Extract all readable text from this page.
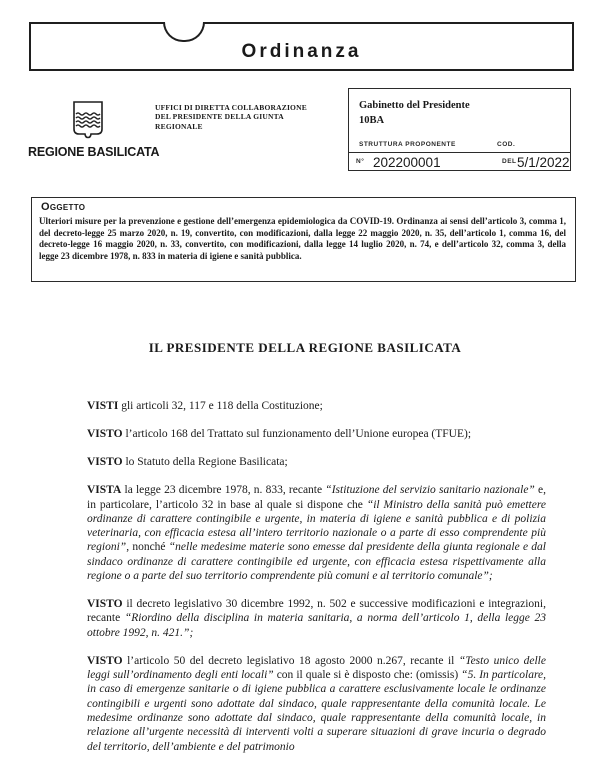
Ordinanza
REGIONE BASILICATA
UFFICI DI DIRETTA COLLABORAZIONE
DEL PRESIDENTE DELLA GIUNTA
REGIONALE
Gabinetto del Presidente
10BA
STRUTTURA PROPONENTE	COD.
N° 202200001	DEL 5/1/2022
Oggetto
Ulteriori misure per la prevenzione e gestione dell’emergenza epidemiologica da COVID-19. Ordinanza ai sensi dell’articolo 3, comma 1, del decreto-legge 25 marzo 2020, n. 19, convertito, con modificazioni, dalla legge 22 maggio 2020, n. 35, dell’articolo 1, comma 16, del decreto-legge 16 maggio 2020, n. 33, convertito, con modificazioni, dalla legge 14 luglio 2020, n. 74, e dell’articolo 32, comma 3, della legge 23 dicembre 1978, n. 833 in materia di igiene e sanità pubblica.
IL PRESIDENTE DELLA REGIONE BASILICATA

VISTI gli articoli 32, 117 e 118 della Costituzione;

VISTO l’articolo 168 del Trattato sul funzionamento dell’Unione europea (TFUE);

VISTO lo Statuto della Regione Basilicata;

VISTA la legge 23 dicembre 1978, n. 833, recante “Istituzione del servizio sanitario nazionale” e, in particolare, l’articolo 32 in base al quale si dispone che “il Ministro della sanità può emettere ordinanze di carattere contingibile e urgente, in materia di igiene e sanità pubblica e di polizia veterinaria, con efficacia estesa all’intero territorio nazionale o a parte di esso comprendente più regioni”, nonché “nelle medesime materie sono emesse dal presidente della giunta regionale e dal sindaco ordinanze di carattere contingibile ed urgente, con efficacia estesa rispettivamente alla regione o a parte del suo territorio comprendente più comuni e al territorio comunale”;

VISTO il decreto legislativo 30 dicembre 1992, n. 502 e successive modificazioni e integrazioni, recante “Riordino della disciplina in materia sanitaria, a norma dell’articolo 1, della legge 23 ottobre 1992, n. 421.”;

VISTO l’articolo 50 del decreto legislativo 18 agosto 2000 n.267, recante il “Testo unico delle leggi sull’ordinamento degli enti locali” con il quale si è disposto che: (omissis) “5. In particolare, in caso di emergenze sanitarie o di igiene pubblica a carattere esclusivamente locale le ordinanze contingibili e urgenti sono adottate dal sindaco, quale rappresentante della comunità locale. Le medesime ordinanze sono adottate dal sindaco, quale rappresentante della comunità locale, in relazione all’urgente necessità di interventi volti a superare situazioni di grave incuria o degrado del territorio, dell’ambiente e del patrimonio
